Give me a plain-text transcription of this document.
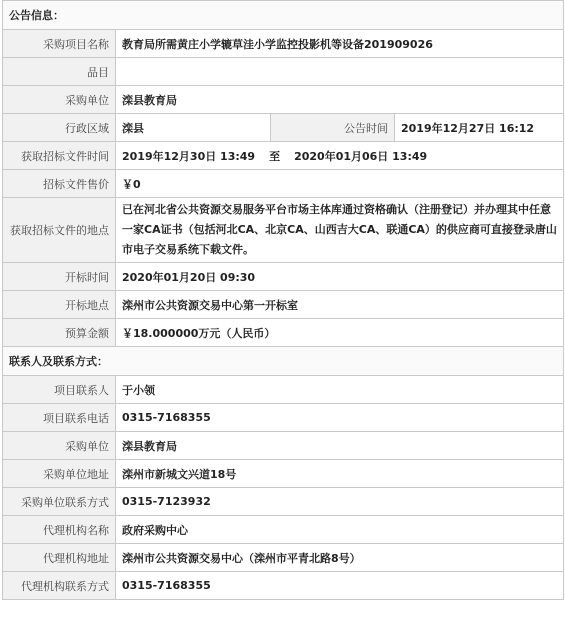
公告信息：			
采购项目名称	教育局所需黄庄小学辘草洼小学监控投影机等设备201909026		
品目			
采购单位	滦县教育局		
行政区域	滦县	公告时间	2019年12月27日 16:12
获取招标文件时间	2019年12月30日 13:49 至 2020年01月06日 13:49		
招标文件售价	￥0		
获取招标文件的地点	已在河北省公共资源交易服务平台市场主体库通过资格确认（注册登记）并办理其中任意一家CA证书（包括河北CA、北京CA、山西吉大CA、联通CA）的供应商可直接登录唐山市电子交易系统下载文件。		
开标时间	2020年01月20日 09:30		
开标地点	滦州市公共资源交易中心第一开标室		
预算金额	￥18.000000万元（人民币）		
联系人及联系方式：			
项目联系人	于小领		
项目联系电话	0315-7168355		
采购单位	滦县教育局		
采购单位地址	滦州市新城文兴道18号		
采购单位联系方式	0315-7123932		
代理机构名称	政府采购中心		
代理机构地址	滦州市公共资源交易中心（滦州市平青北路8号）		
代理机构联系方式	0315-7168355		
